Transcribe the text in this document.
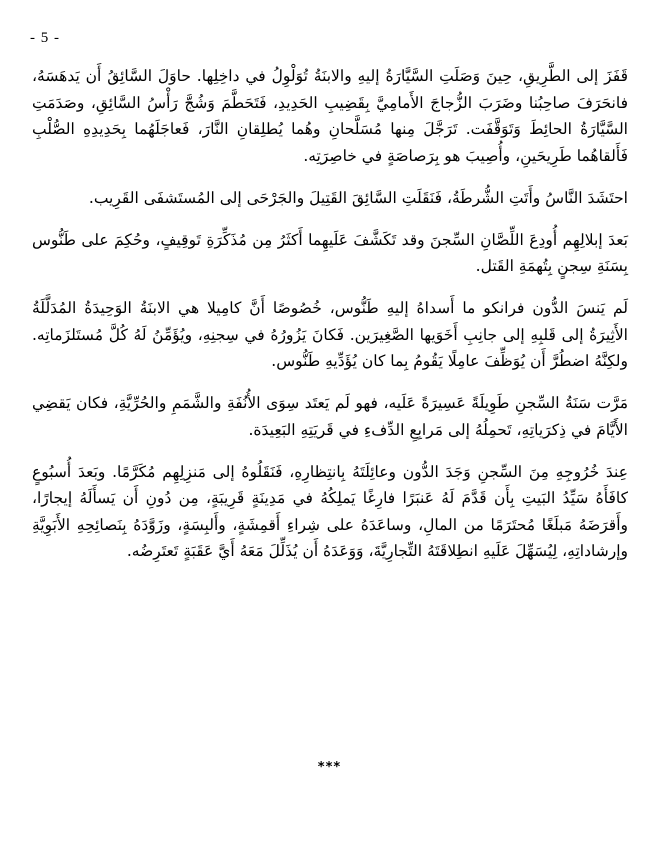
- 5 -

قَفَزَ إلى الطَّرِيقِ، حِينَ وَصَلَتِ السَّيَّارَةُ إليهِ والابنَةُ تُوَلْوِلُ في داخِلِها. حاوَلَ السَّائِقُ أَن يَدهَسَهُ، فانحَرَفَ صاحِبُنا وضَرَبَ الزُّجاجَ الأَمامِيَّ بِقَضِيبِ الحَدِيدِ، فَتَحَطَّمَ وَشُجَّ رَأْسُ السَّائِقِ، وصَدَمَتِ السَّيَّارَةُ الحائِطَ وَتَوَقَّفَت. تَرَجَّلَ مِنها مُسَلَّحانِ وهُما يُطلِقانِ النَّارَ، فَعاجَلَهُما بِحَدِيدِهِ الصُّلْبِ فَأَلقاهُما طَرِيحَينِ، وأُصِيبَ هو بِرَصاصَةٍ في خاصِرَتِه.

احتَشَدَ النَّاسُ وأَتَتِ الشُّرطَةُ، فَنَقَلَتِ السَّائِقَ القَتِيلَ والجَرْحَى إلى المُستَشفَى القَرِيب.

بَعدَ إبلالِهِم أُودِعَ اللِّصَّانِ السِّجنَ وقد تَكَشَّفَ عَلَيهِما أَكثَرُ مِن مُذَكِّرَةِ تَوقِيفٍ، وحُكِمَ على طَنُّوس بِسَنَةِ سِجنٍ بِتُهمَةِ القَتل.

لَم يَنسَ الدُّون فرانكو ما أَسداهُ إليهِ طَنُّوس، خُصُوصًا أَنَّ كامِيلا هي الابنَةُ الوَحِيدَةُ المُدَلَّلَةُ الأَثِيرَةُ إلى قَلبِهِ إلى جانِبِ أَخَوَيها الصَّغِيرَين. فَكانَ يَزُورُهُ في سِجنِهِ، ويُؤَمِّنُ لَهُ كُلَّ مُستَلزَماتِه. ولكِنَّهُ اضطُرَّ أَن يُوَظِّفَ عامِلًا يَقُومُ بِما كان يُؤَدِّيهِ طَنُّوس.

مَرَّت سَنَةُ السِّجنِ طَوِيلَةً عَسِيرَةً عَلَيه، فهو لَم يَعتَد سِوَى الأُنُفَةِ والشَّمَمِ والحُرِّيَّةِ، فكان يَقضِي الأَيَّامَ في ذِكرَياتِهِ، تَحمِلُهُ إلى مَرابِعِ الدِّفءِ في قَريَتِهِ البَعِيدَة.

عِندَ خُرُوجِهِ مِنَ السِّجنِ وَجَدَ الدُّون وعائِلَتَهُ بِانتِظارِهِ، فَنَقَلُوهُ إلى مَنزِلِهِم مُكَرَّمًا. وبَعدَ أُسبُوعٍ كافَأَهُ سَيِّدُ البَيتِ بِأَن قَدَّمَ لَهُ عَنبَرًا فارِغًا يَملِكُهُ في مَدِينَةٍ قَرِيبَةٍ، مِن دُونِ أَن يَسأَلَهُ إيجارًا، وأَقرَضَهُ مَبلَغًا مُحتَرَمًا من المالِ، وساعَدَهُ على شِراءِ أَقمِشَةٍ، وأَلبِسَةٍ، وزَوَّدَهُ بِنَصائِحِهِ الأَبَوِيَّةِ وإرشاداتِهِ، لِيُسَهِّلَ عَلَيهِ انطِلاقَتَهُ التِّجارِيَّةَ، وَوَعَدَهُ أَن يُذَلِّلَ مَعَهُ أَيَّ عَقَبَةٍ تَعتَرِضُه.

***
